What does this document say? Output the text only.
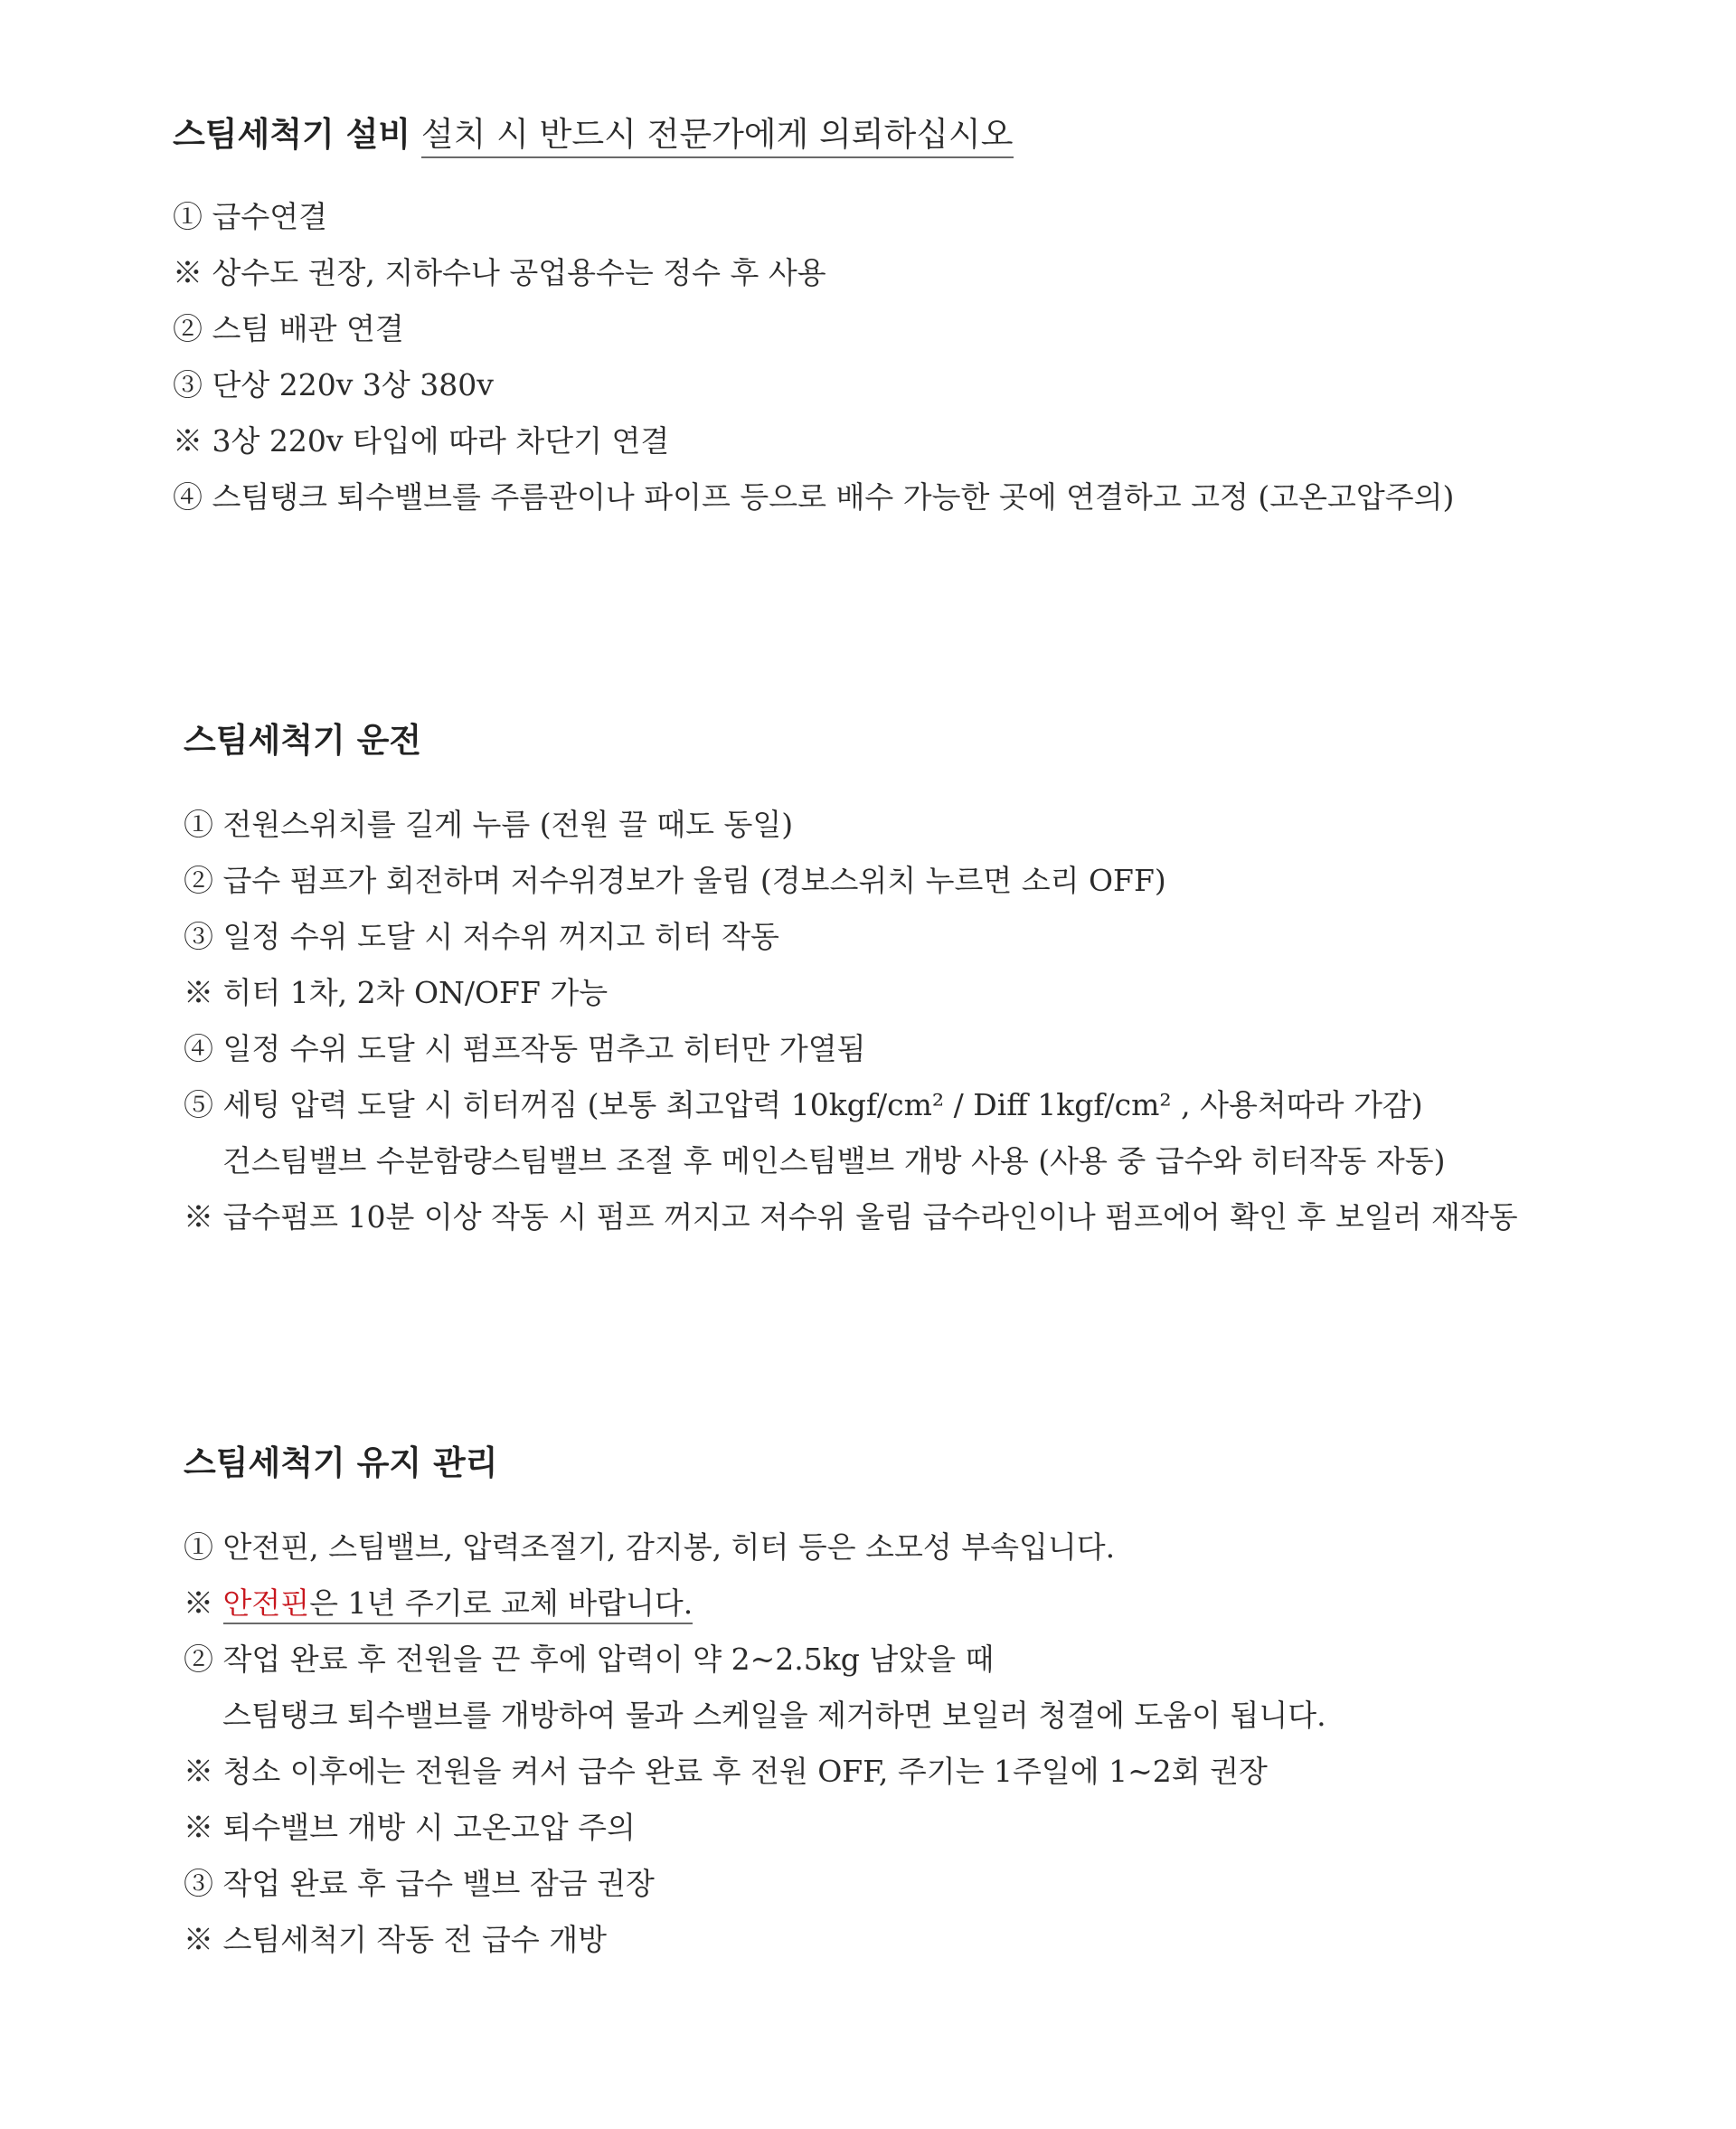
스팀세척기 설비 설치 시 반드시 전문가에게 의뢰하십시오
① 급수연결
※ 상수도 권장, 지하수나 공업용수는 정수 후 사용
② 스팀 배관 연결
③ 단상 220v 3상 380v
※ 3상 220v 타입에 따라 차단기 연결
④ 스팀탱크 퇴수밸브를 주름관이나 파이프 등으로 배수 가능한 곳에 연결하고 고정 (고온고압주의)
스팀세척기 운전
① 전원스위치를 길게 누름 (전원 끌 때도 동일)
② 급수 펌프가 회전하며 저수위경보가 울림 (경보스위치 누르면 소리 OFF)
③ 일정 수위 도달 시 저수위 꺼지고 히터 작동
※ 히터 1차, 2차 ON/OFF 가능
④ 일정 수위 도달 시 펌프작동 멈추고 히터만 가열됨
⑤ 세팅 압력 도달 시 히터꺼짐 (보통 최고압력 10kgf/cm² / Diff 1kgf/cm² , 사용처따라 가감)
건스팀밸브 수분함량스팀밸브 조절 후 메인스팀밸브 개방 사용 (사용 중 급수와 히터작동 자동)
※ 급수펌프 10분 이상 작동 시 펌프 꺼지고 저수위 울림 급수라인이나 펌프에어 확인 후 보일러 재작동
스팀세척기 유지 관리
① 안전핀, 스팀밸브, 압력조절기, 감지봉, 히터 등은 소모성 부속입니다.
※ 안전핀은 1년 주기로 교체 바랍니다.
② 작업 완료 후 전원을 끈 후에 압력이 약 2~2.5kg 남았을 때
스팀탱크 퇴수밸브를 개방하여 물과 스케일을 제거하면 보일러 청결에 도움이 됩니다.
※ 청소 이후에는 전원을 켜서 급수 완료 후 전원 OFF, 주기는 1주일에 1~2회 권장
※ 퇴수밸브 개방 시 고온고압 주의
③ 작업 완료 후 급수 밸브 잠금 권장
※ 스팀세척기 작동 전 급수 개방
